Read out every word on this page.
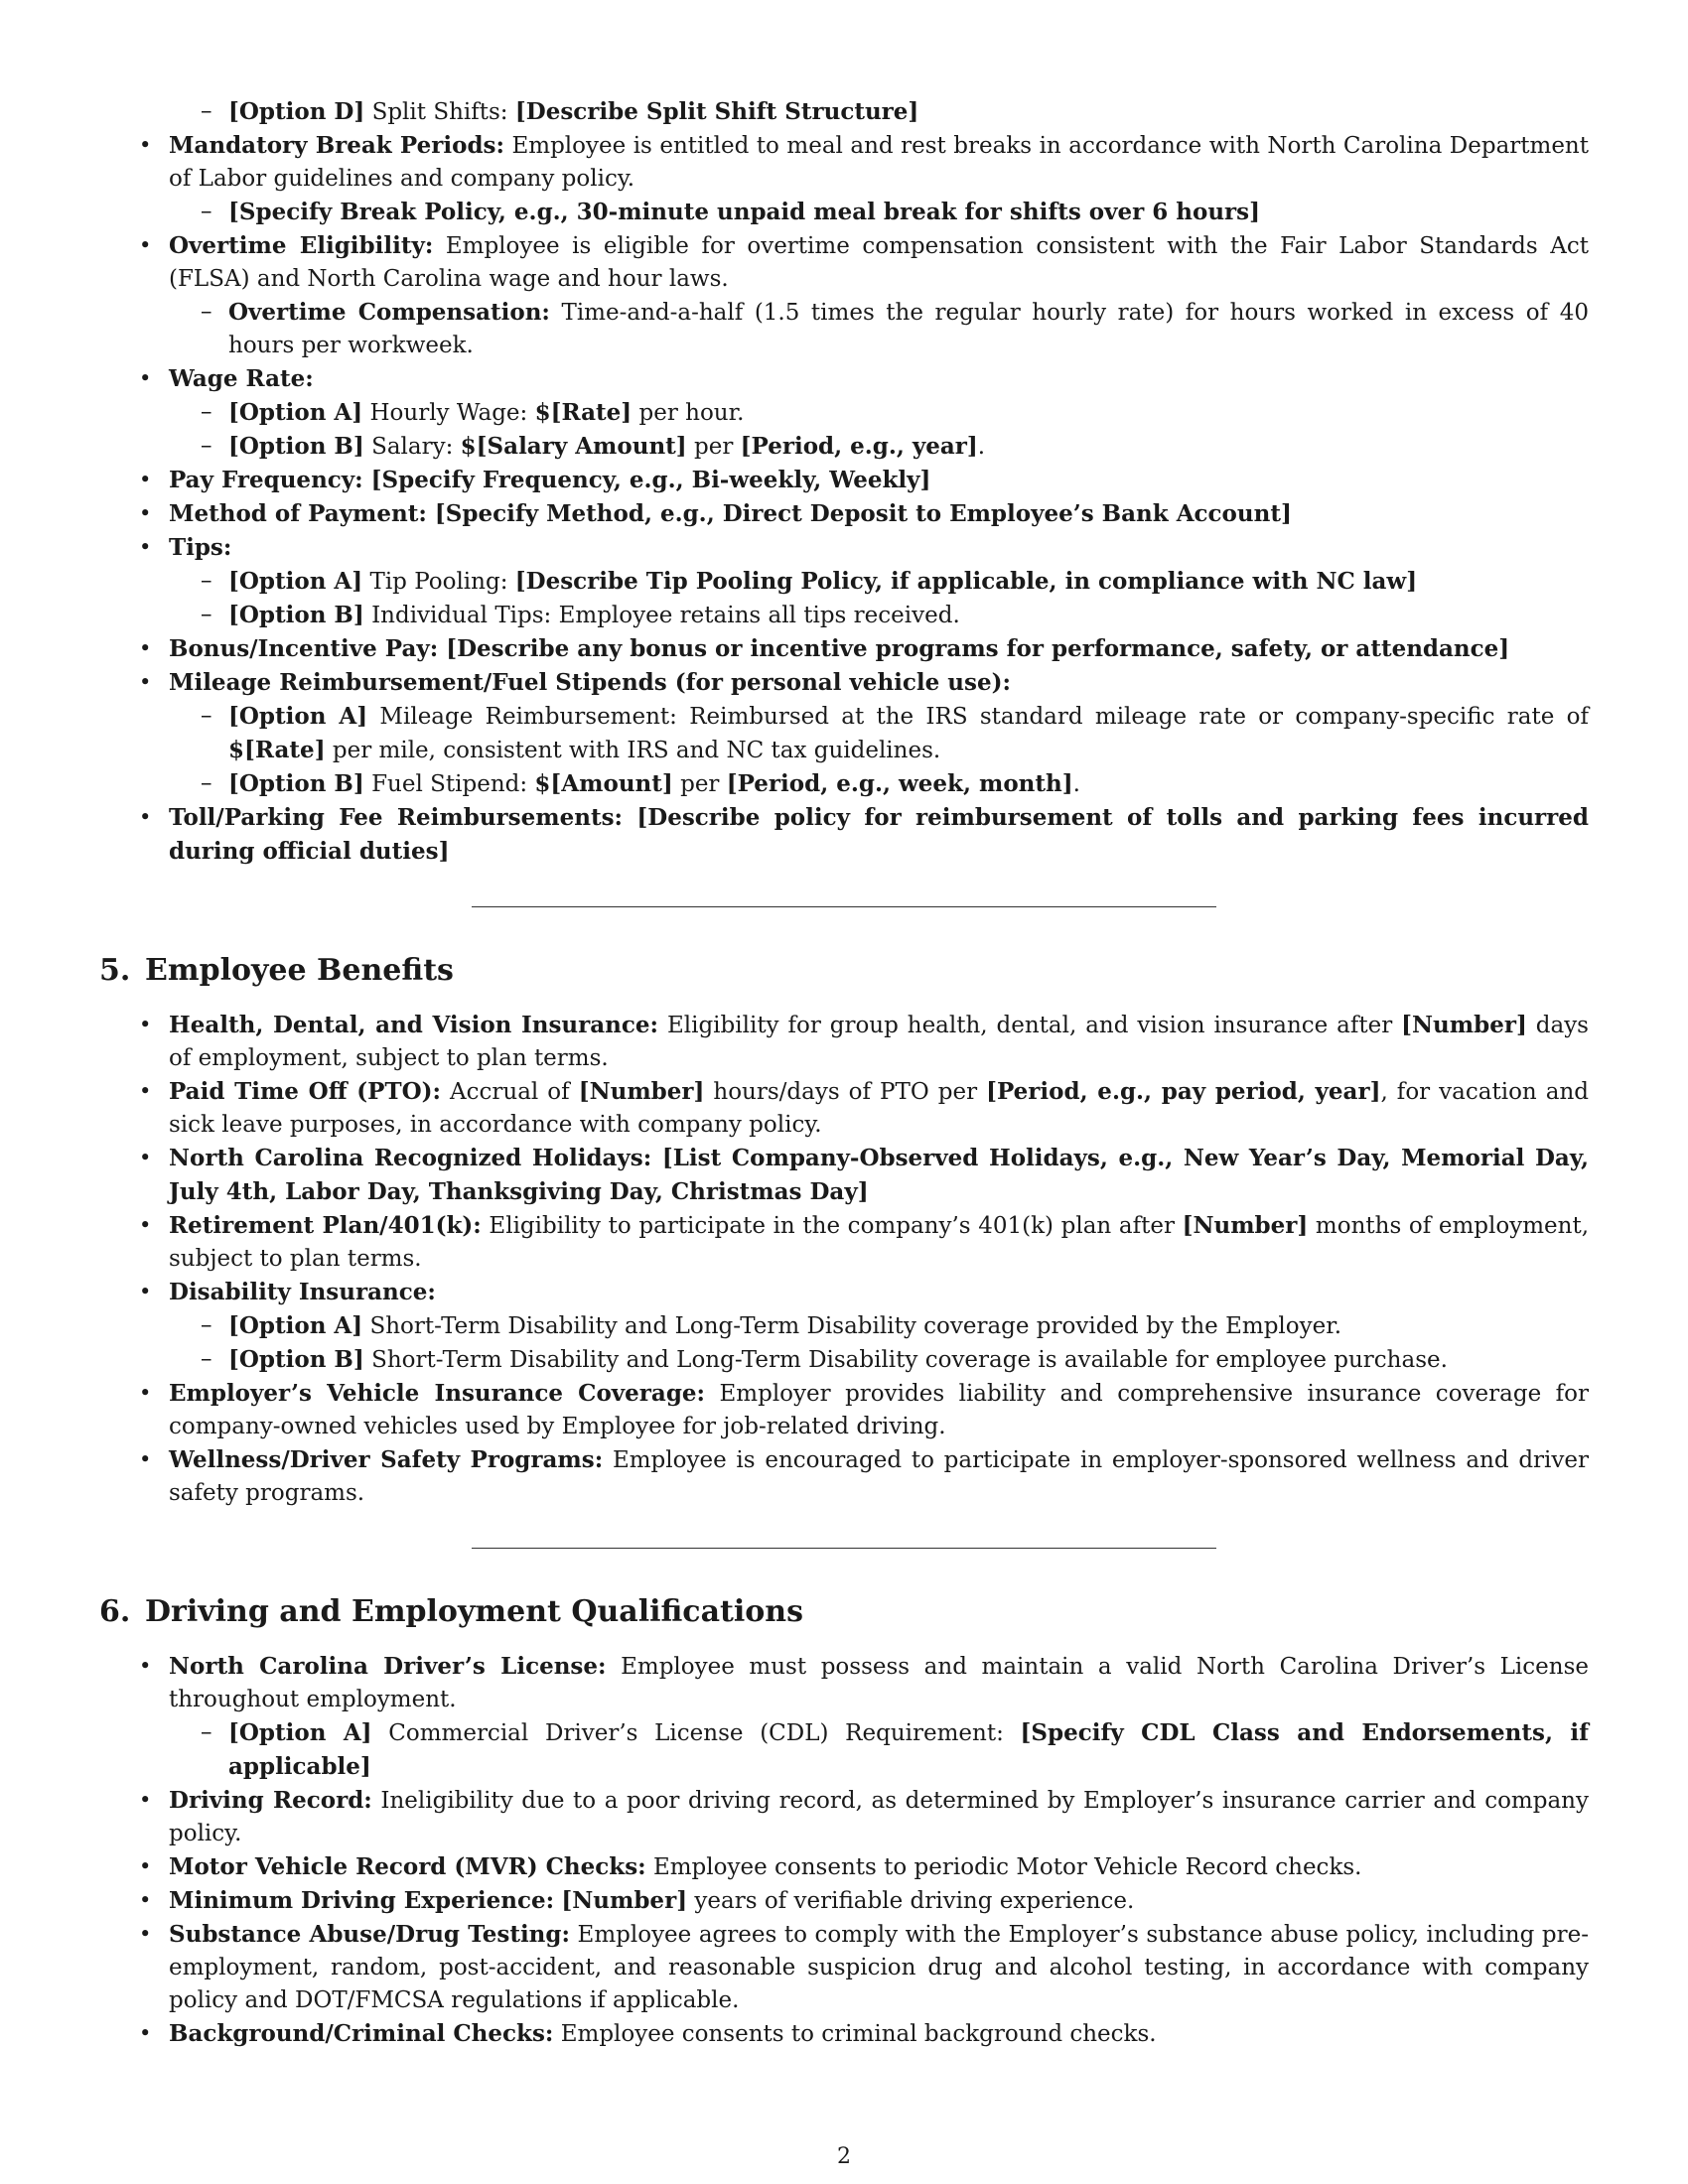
– [Option D] Split Shifts: [Describe Split Shift Structure]
• Mandatory Break Periods: Employee is entitled to meal and rest breaks in accordance with North Carolina Department of Labor guidelines and company policy.
– [Specify Break Policy, e.g., 30-minute unpaid meal break for shifts over 6 hours]
• Overtime Eligibility: Employee is eligible for overtime compensation consistent with the Fair Labor Standards Act (FLSA) and North Carolina wage and hour laws.
– Overtime Compensation: Time-and-a-half (1.5 times the regular hourly rate) for hours worked in excess of 40 hours per workweek.
• Wage Rate:
– [Option A] Hourly Wage: $[Rate] per hour.
– [Option B] Salary: $[Salary Amount] per [Period, e.g., year].
• Pay Frequency: [Specify Frequency, e.g., Bi-weekly, Weekly]
• Method of Payment: [Specify Method, e.g., Direct Deposit to Employee’s Bank Account]
• Tips:
– [Option A] Tip Pooling: [Describe Tip Pooling Policy, if applicable, in compliance with NC law]
– [Option B] Individual Tips: Employee retains all tips received.
• Bonus/Incentive Pay: [Describe any bonus or incentive programs for performance, safety, or attendance]
• Mileage Reimbursement/Fuel Stipends (for personal vehicle use):
– [Option A] Mileage Reimbursement: Reimbursed at the IRS standard mileage rate or company-specific rate of $[Rate] per mile, consistent with IRS and NC tax guidelines.
– [Option B] Fuel Stipend: $[Amount] per [Period, e.g., week, month].
• Toll/Parking Fee Reimbursements: [Describe policy for reimbursement of tolls and parking fees incurred during official duties]
5. Employee Benefits
• Health, Dental, and Vision Insurance: Eligibility for group health, dental, and vision insurance after [Number] days of employment, subject to plan terms.
• Paid Time Off (PTO): Accrual of [Number] hours/days of PTO per [Period, e.g., pay period, year], for vacation and sick leave purposes, in accordance with company policy.
• North Carolina Recognized Holidays: [List Company-Observed Holidays, e.g., New Year’s Day, Memorial Day, July 4th, Labor Day, Thanksgiving Day, Christmas Day]
• Retirement Plan/401(k): Eligibility to participate in the company’s 401(k) plan after [Number] months of employment, subject to plan terms.
• Disability Insurance:
– [Option A] Short-Term Disability and Long-Term Disability coverage provided by the Employer.
– [Option B] Short-Term Disability and Long-Term Disability coverage is available for employee purchase.
• Employer’s Vehicle Insurance Coverage: Employer provides liability and comprehensive insurance coverage for company-owned vehicles used by Employee for job-related driving.
• Wellness/Driver Safety Programs: Employee is encouraged to participate in employer-sponsored wellness and driver safety programs.
6. Driving and Employment Qualifications
• North Carolina Driver’s License: Employee must possess and maintain a valid North Carolina Driver’s License throughout employment.
– [Option A] Commercial Driver’s License (CDL) Requirement: [Specify CDL Class and Endorsements, if applicable]
• Driving Record: Ineligibility due to a poor driving record, as determined by Employer’s insurance carrier and company policy.
• Motor Vehicle Record (MVR) Checks: Employee consents to periodic Motor Vehicle Record checks.
• Minimum Driving Experience: [Number] years of verifiable driving experience.
• Substance Abuse/Drug Testing: Employee agrees to comply with the Employer’s substance abuse policy, including pre-employment, random, post-accident, and reasonable suspicion drug and alcohol testing, in accordance with company policy and DOT/FMCSA regulations if applicable.
• Background/Criminal Checks: Employee consents to criminal background checks.
2
